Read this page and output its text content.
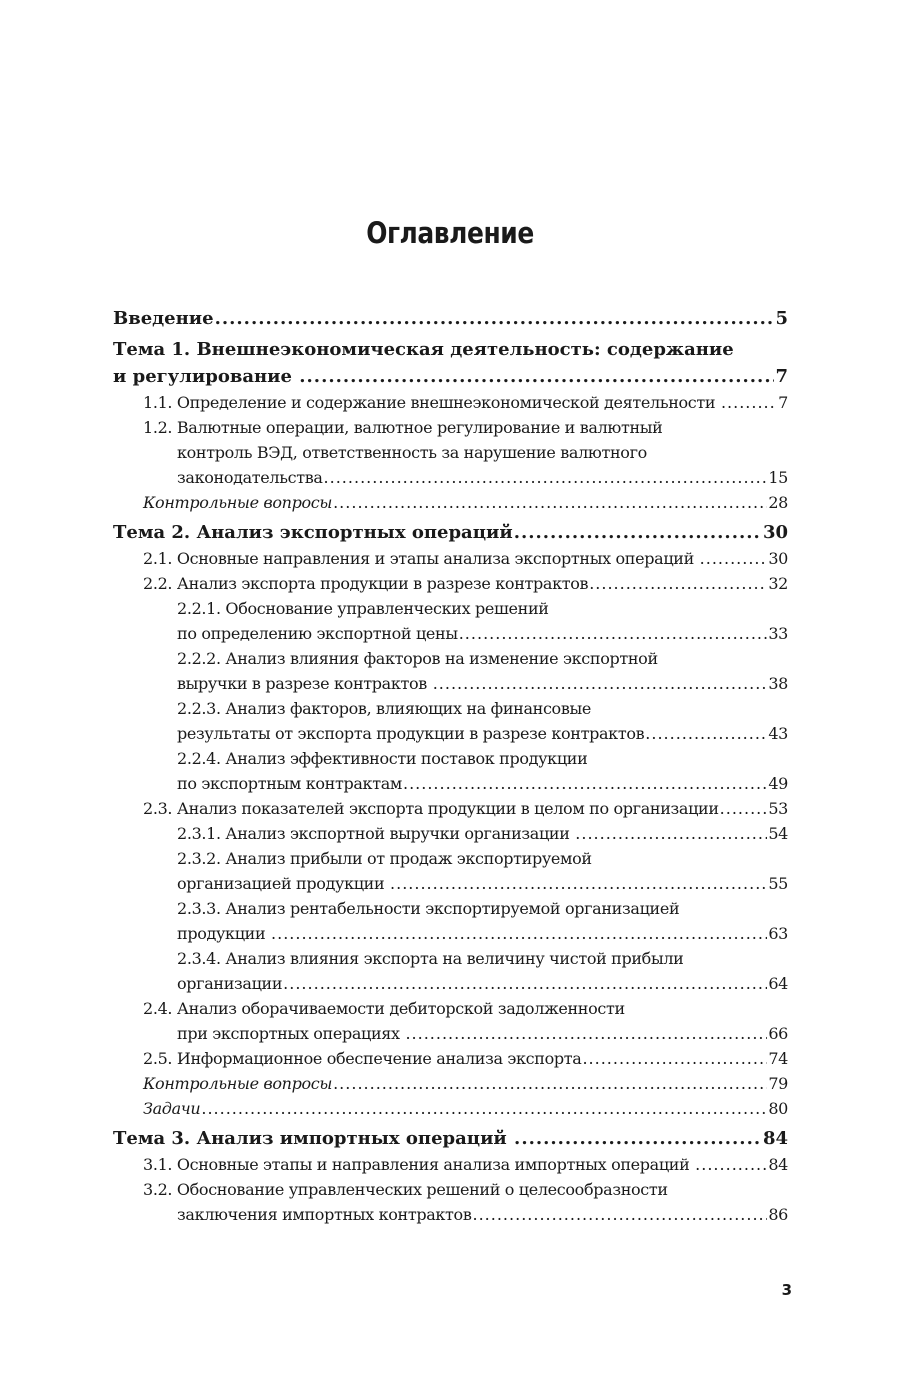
Оглавление
Введение .....	5
Тема 1. Внешнеэкономическая деятельность: содержание
и регулирование .....	7
1.1. Определение и содержание внешнеэкономической деятельности .....	7
1.2. Валютные операции, валютное регулирование и валютный
контроль ВЭД, ответственность за нарушение валютного
законодательства .....	15
Контрольные вопросы .....	28
Тема 2. Анализ экспортных операций .....	30
2.1. Основные направления и этапы анализа экспортных операций .....	30
2.2. Анализ экспорта продукции в разрезе контрактов .....	32
2.2.1. Обоснование управленческих решений
по определению экспортной цены .....	33
2.2.2. Анализ влияния факторов на изменение экспортной
выручки в разрезе контрактов .....	38
2.2.3. Анализ факторов, влияющих на финансовые
результаты от экспорта продукции в разрезе контрактов .....	43
2.2.4. Анализ эффективности поставок продукции
по экспортным контрактам .....	49
2.3. Анализ показателей экспорта продукции в целом по организации .....	53
2.3.1. Анализ экспортной выручки организации .....	54
2.3.2. Анализ прибыли от продаж экспортируемой
организацией продукции .....	55
2.3.3. Анализ рентабельности экспортируемой организацией
продукции .....	63
2.3.4. Анализ влияния экспорта на величину чистой прибыли
организации .....	64
2.4. Анализ оборачиваемости дебиторской задолженности
при экспортных операциях .....	66
2.5. Информационное обеспечение анализа экспорта .....	74
Контрольные вопросы .....	79
Задачи .....	80
Тема 3. Анализ импортных операций .....	84
3.1. Основные этапы и направления анализа импортных операций .....	84
3.2. Обоснование управленческих решений о целесообразности
заключения импортных контрактов .....	86
3
